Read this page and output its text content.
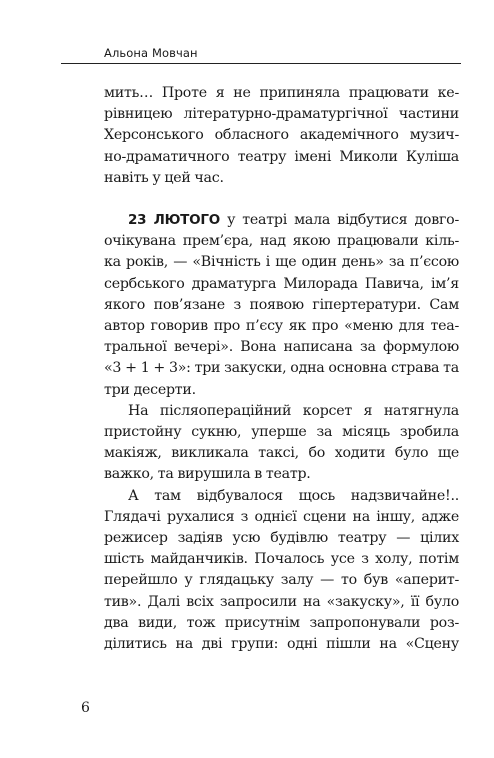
Альона Мовчан
мить… Проте я не припиняла працювати ке-
рівницею літературно-драматургічної частини
Херсонського обласного академічного музич-
но-драматичного театру імені Миколи Куліша
навіть у цей час.
23 ЛЮТОГО у театрі мала відбутися довго-
очікувана прем’єра, над якою працювали кіль-
ка років, — «Вічність і ще один день» за п’єсою
сербського драматурга Милорада Павича, ім’я
якого пов’язане з появою гіпертератури. Сам
автор говорив про п’єсу як про «меню для теа-
тральної вечері». Вона написана за формулою
«3 + 1 + 3»: три закуски, одна основна страва та
три десерти.
На післяопераційний корсет я натягнула
пристойну сукню, уперше за місяць зробила
макіяж, викликала таксі, бо ходити було ще
важко, та вирушила в театр.
А там відбувалося щось надзвичайне!..
Глядачі рухалися з однієї сцени на іншу, адже
режисер задіяв усю будівлю театру — цілих
шість майданчиків. Почалось усе з холу, потім
перейшло у глядацьку залу — то був «аперит-
тив». Далі всіх запросили на «закуску», її було
два види, тож присутнім запропонували роз-
ділитись на дві групи: одні пішли на «Сцену
6
